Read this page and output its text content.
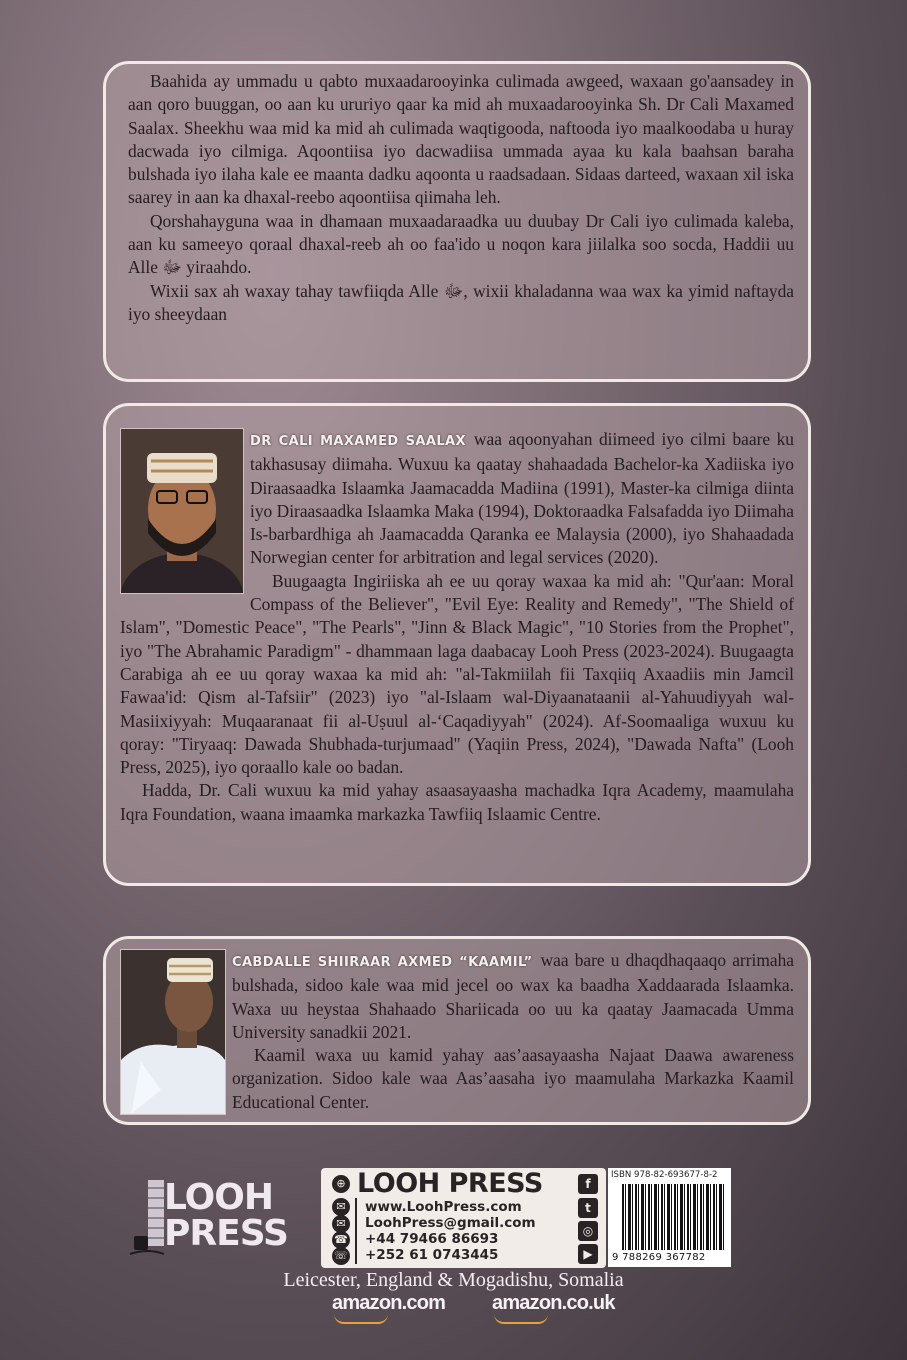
Baahida ay ummadu u qabto muxaadarooyinka culimada awgeed, waxaan go'aansadey in aan qoro buuggan, oo aan ku ururiyo qaar ka mid ah muxaadarooyinka Sh. Dr Cali Maxamed Saalax. Sheekhu waa mid ka mid ah culimada waqtigooda, naftooda iyo maalkoodaba u huray dacwada iyo cilmiga. Aqoontiisa iyo dacwadiisa ummada ayaa ku kala baahsan baraha bulshada iyo ilaha kale ee maanta dadku aqoonta u raadsadaan. Sidaas darteed, waxaan xil iska saarey in aan ka dhaxal-reebo aqoontiisa qiimaha leh.

Qorshahayguna waa in dhamaan muxaadaraadka uu duubay Dr Cali iyo culimada kaleba, aan ku sameeyo qoraal dhaxal-reeb ah oo faa'ido u noqon kara jiilalka soo socda, Haddii uu Alle ﷻ yiraahdo.

Wixii sax ah waxay tahay tawfiiqda Alle ﷻ, wixii khaladanna waa wax ka yimid naftayda iyo sheeydaan

DR CALI MAXAMED SAALAX waa aqoonyahan diimeed iyo cilmi baare ku takhasusay diimaha. Wuxuu ka qaatay shahaadada Bachelor-ka Xadiiska iyo Diraasaadka Islaamka Jaamacadda Madiina (1991), Master-ka cilmiga diinta iyo Diraasaadka Islaamka Maka (1994), Doktoraadka Falsafadda iyo Diimaha Is-barbardhiga ah Jaamacadda Qaranka ee Malaysia (2000), iyo Shahaadada Norwegian center for arbitration and legal services (2020).

Buugaagta Ingiriiska ah ee uu qoray waxaa ka mid ah: "Qur'aan: Moral Compass of the Believer", "Evil Eye: Reality and Remedy", "The Shield of Islam", "Domestic Peace", "The Pearls", "Jinn & Black Magic", "10 Stories from the Prophet", iyo "The Abrahamic Paradigm" - dhammaan laga daabacay Looh Press (2023-2024). Buugaagta Carabiga ah ee uu qoray waxaa ka mid ah: "al-Takmiilah fii Taxqiiq Axaadiis min Jamcil Fawaa'id: Qism al-Tafsiir" (2023) iyo "al-Islaam wal-Diyaanataanii al-Yahuudiyyah wal-Masiixiyyah: Muqaaranaat fii al-Uṣuul al-‘Caqadiyyah" (2024). Af-Soomaaliga wuxuu ku qoray: "Tiryaaq: Dawada Shubhada-turjumaad" (Yaqiin Press, 2024), "Dawada Nafta" (Looh Press, 2025), iyo qoraallo kale oo badan.

Hadda, Dr. Cali wuxuu ka mid yahay asaasayaasha machadka Iqra Academy, maamulaha Iqra Foundation, waana imaamka markazka Tawfiiq Islaamic Centre.

CABDALLE SHIIRAAR AXMED “KAAMIL” waa bare u dhaqdhaqaaqo arrimaha bulshada, sidoo kale waa mid jecel oo wax ka baadha Xaddaarada Islaamka. Waxa uu heystaa Shahaado Shariicada oo uu ka qaatay Jaamacada Umma University sanadkii 2021.

Kaamil waxa uu kamid yahay aas’aasayaasha Najaat Daawa awareness organization. Sidoo kale waa Aas’aasaha iyo maamulaha Markazka Kaamil Educational Center.

LOOH
PRESS
⊕ LOOH PRESS
✉	www.LoohPress.com
✉	LoohPress@gmail.com
☎ +44 79466 86693
☏ +252 61 0743445
f
t
◎
▶
ISBN 978-82-693677-8-2
9 788269 367782
Leicester, England & Mogadishu, Somalia
amazon.com amazon.co.uk
